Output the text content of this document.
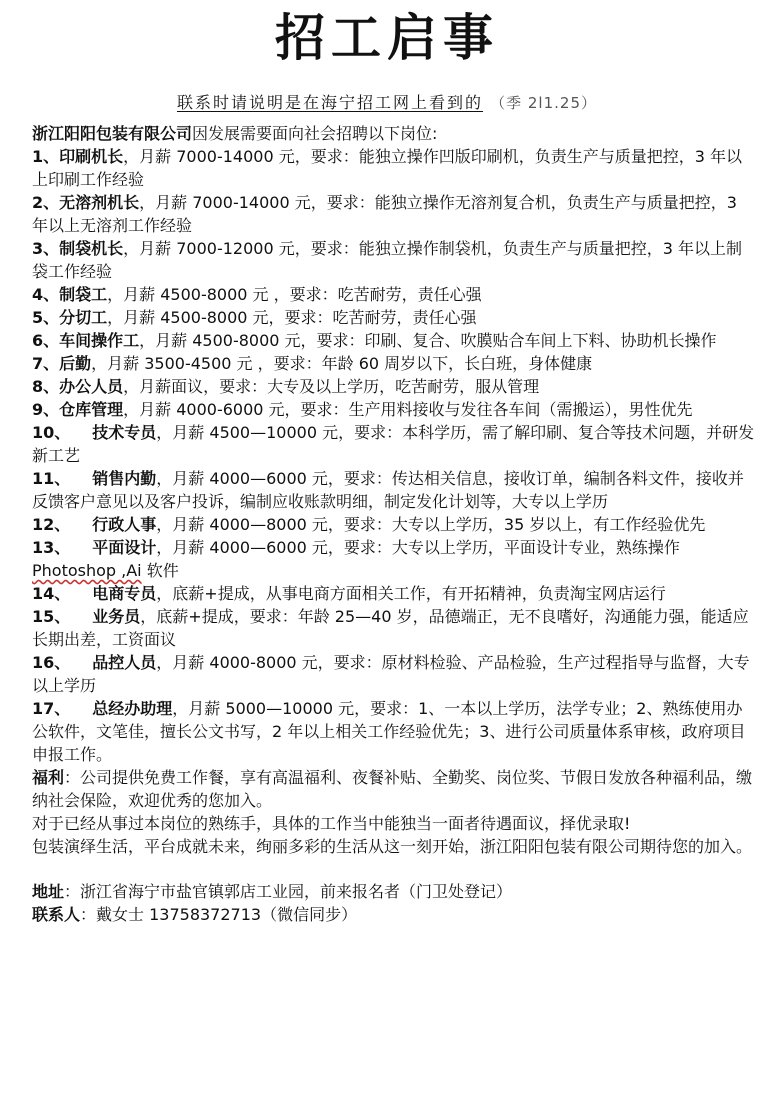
招工启事
联系时请说明是在海宁招工网上看到的 （季 2l1.25）

浙江阳阳包装有限公司因发展需要面向社会招聘以下岗位:

1、印刷机长，月薪 7000-14000 元，要求：能独立操作凹版印刷机，负责生产与质量把控，3 年以上印刷工作经验

2、无溶剂机长，月薪 7000-14000 元，要求：能独立操作无溶剂复合机，负责生产与质量把控，3 年以上无溶剂工作经验

3、制袋机长，月薪 7000-12000 元，要求：能独立操作制袋机，负责生产与质量把控，3 年以上制袋工作经验

4、制袋工，月薪 4500-8000 元 ，要求：吃苦耐劳，责任心强

5、分切工，月薪 4500-8000 元，要求：吃苦耐劳，责任心强

6、车间操作工，月薪 4500-8000 元，要求：印刷、复合、吹膜贴合车间上下料、协助机长操作

7、后勤，月薪 3500-4500 元 ，要求：年龄 60 周岁以下，长白班，身体健康

8、办公人员，月薪面议，要求：大专及以上学历，吃苦耐劳，服从管理

9、仓库管理，月薪 4000-6000 元，要求：生产用料接收与发往各车间（需搬运），男性优先

10、 技术专员，月薪 4500—10000 元，要求：本科学历，需了解印刷、复合等技术问题，并研发新工艺

11、 销售内勤，月薪 4000—6000 元，要求：传达相关信息，接收订单，编制各料文件，接收并反馈客户意见以及客户投诉，编制应收账款明细，制定发化计划等，大专以上学历

12、 行政人事，月薪 4000—8000 元，要求：大专以上学历，35 岁以上，有工作经验优先

13、 平面设计，月薪 4000—6000 元，要求：大专以上学历，平面设计专业，熟练操作 Photoshop ,Ai 软件

14、 电商专员，底薪+提成，从事电商方面相关工作，有开拓精神，负责淘宝网店运行

15、 业务员，底薪+提成，要求：年龄 25—40 岁，品德端正，无不良嗜好，沟通能力强，能适应长期出差，工资面议

16、 品控人员，月薪 4000-8000 元，要求：原材料检验、产品检验，生产过程指导与监督，大专以上学历

17、 总经办助理，月薪 5000—10000 元，要求：1、一本以上学历，法学专业；2、熟练使用办公软件，文笔佳，擅长公文书写，2 年以上相关工作经验优先；3、进行公司质量体系审核，政府项目申报工作。

福利：公司提供免费工作餐，享有高温福利、夜餐补贴、全勤奖、岗位奖、节假日发放各种福利品，缴纳社会保险，欢迎优秀的您加入。

对于已经从事过本岗位的熟练手，具体的工作当中能独当一面者待遇面议，择优录取!

包装演绎生活，平台成就未来，绚丽多彩的生活从这一刻开始，浙江阳阳包装有限公司期待您的加入。

地址：浙江省海宁市盐官镇郭店工业园，前来报名者（门卫处登记）

联系人：戴女士 13758372713（微信同步）
